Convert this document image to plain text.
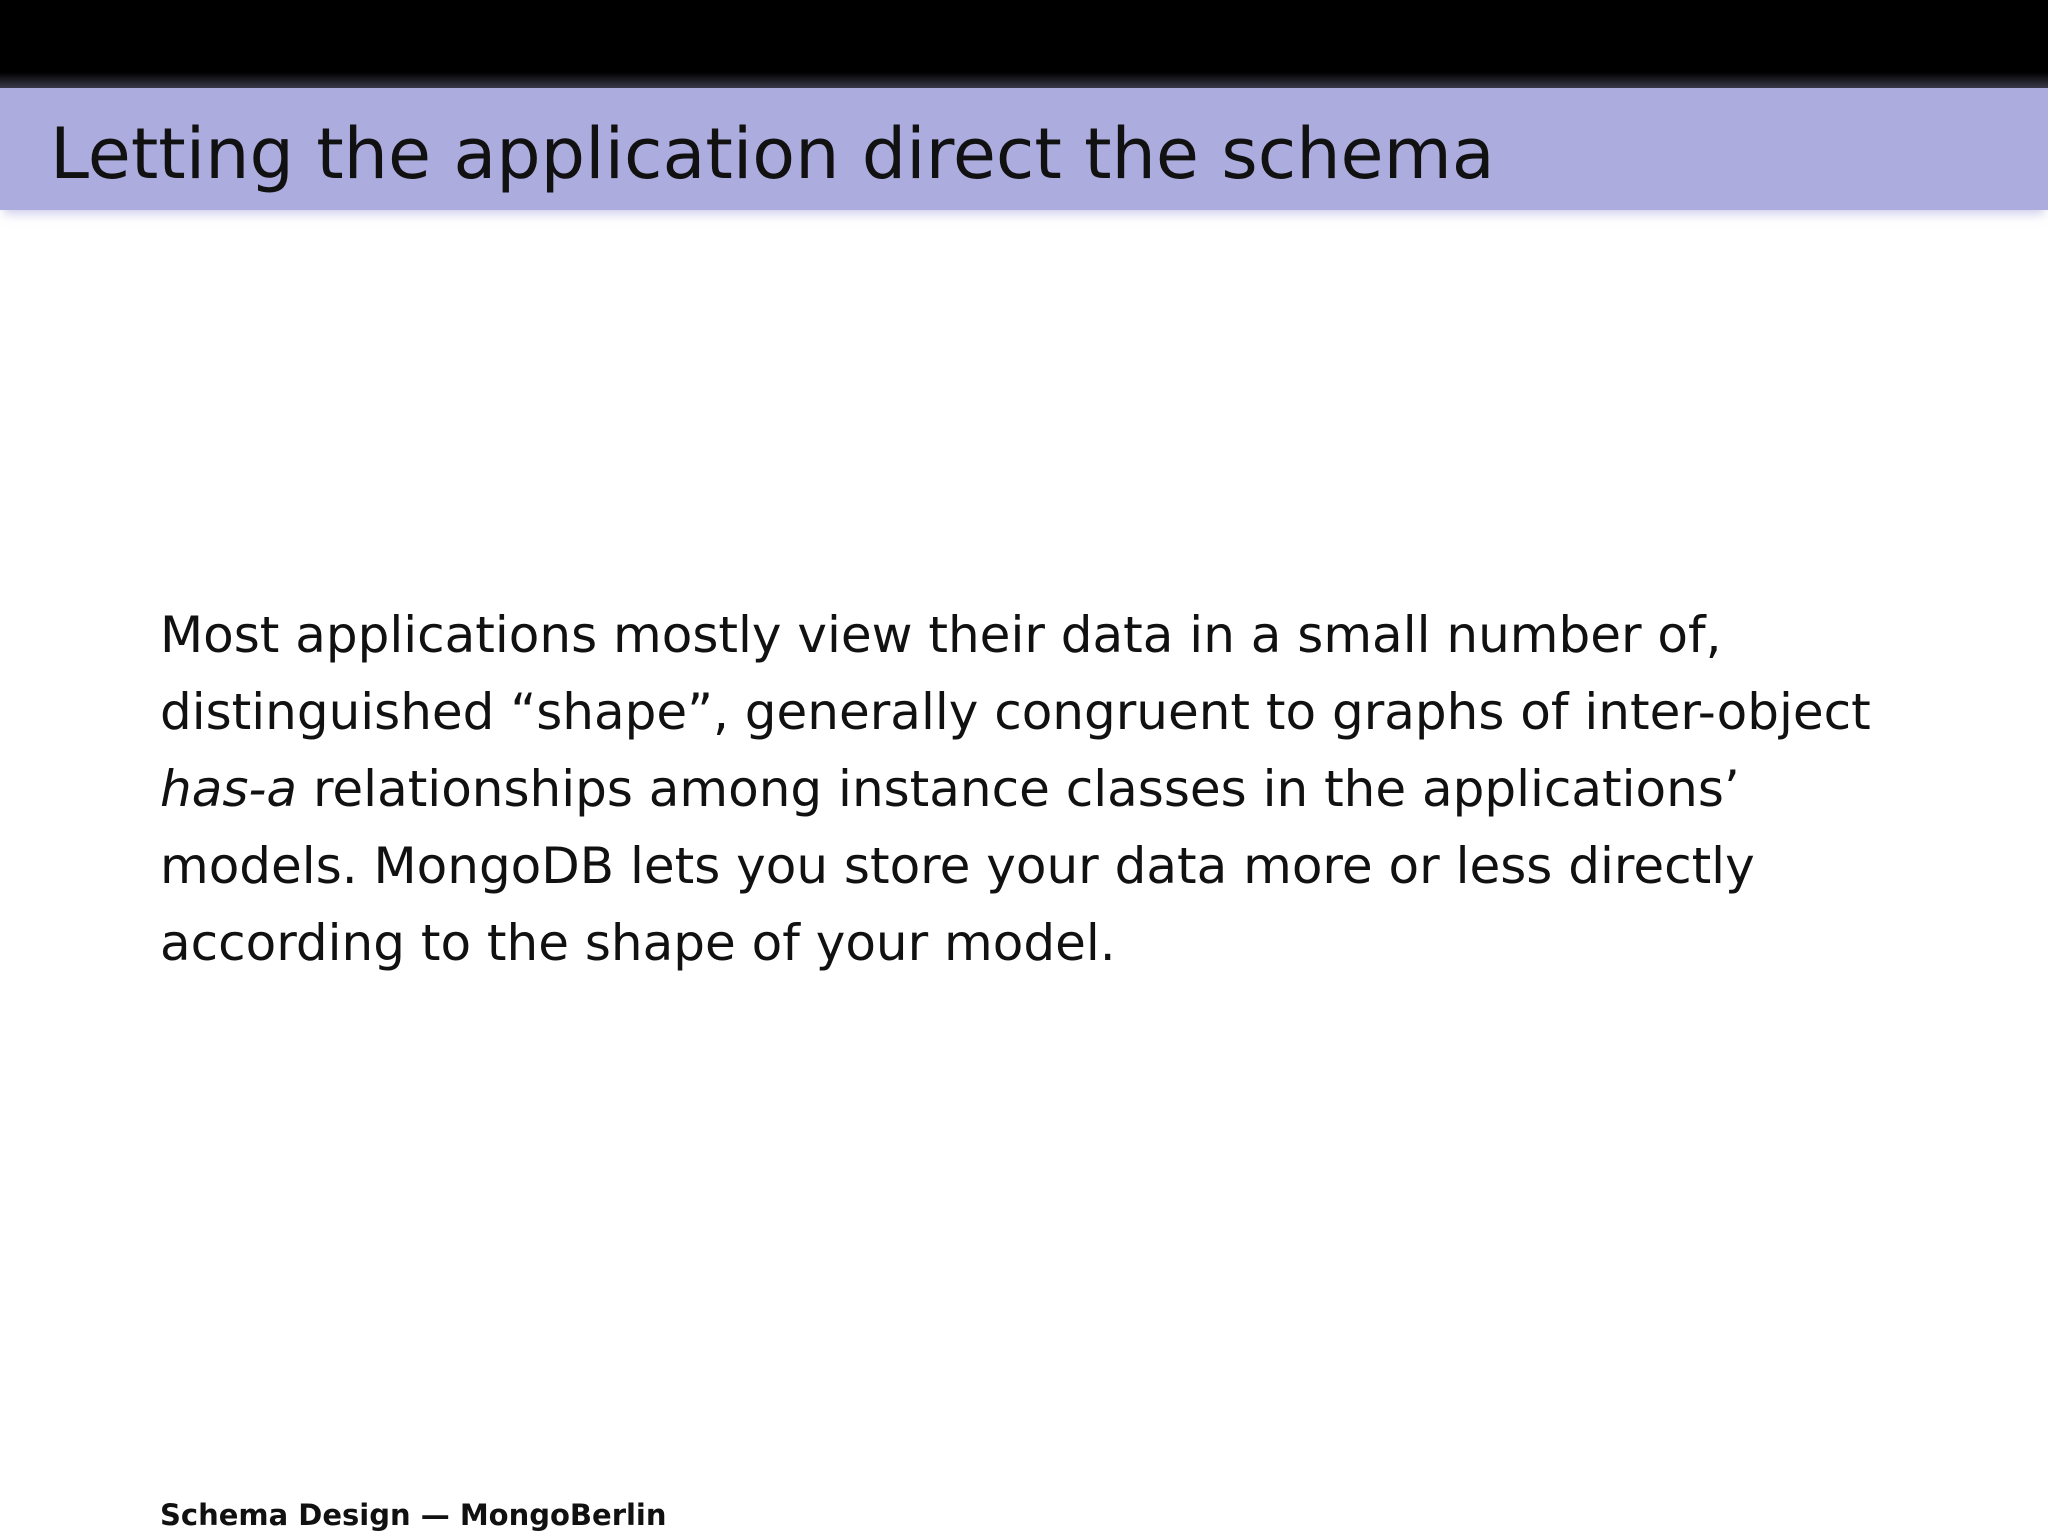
Letting the application direct the schema

Most applications mostly view their data in a small number of, distinguished “shape”, generally congruent to graphs of inter-object has-a relationships among instance classes in the applications’ models. MongoDB lets you store your data more or less directly according to the shape of your model.

Schema Design — MongoBerlin
